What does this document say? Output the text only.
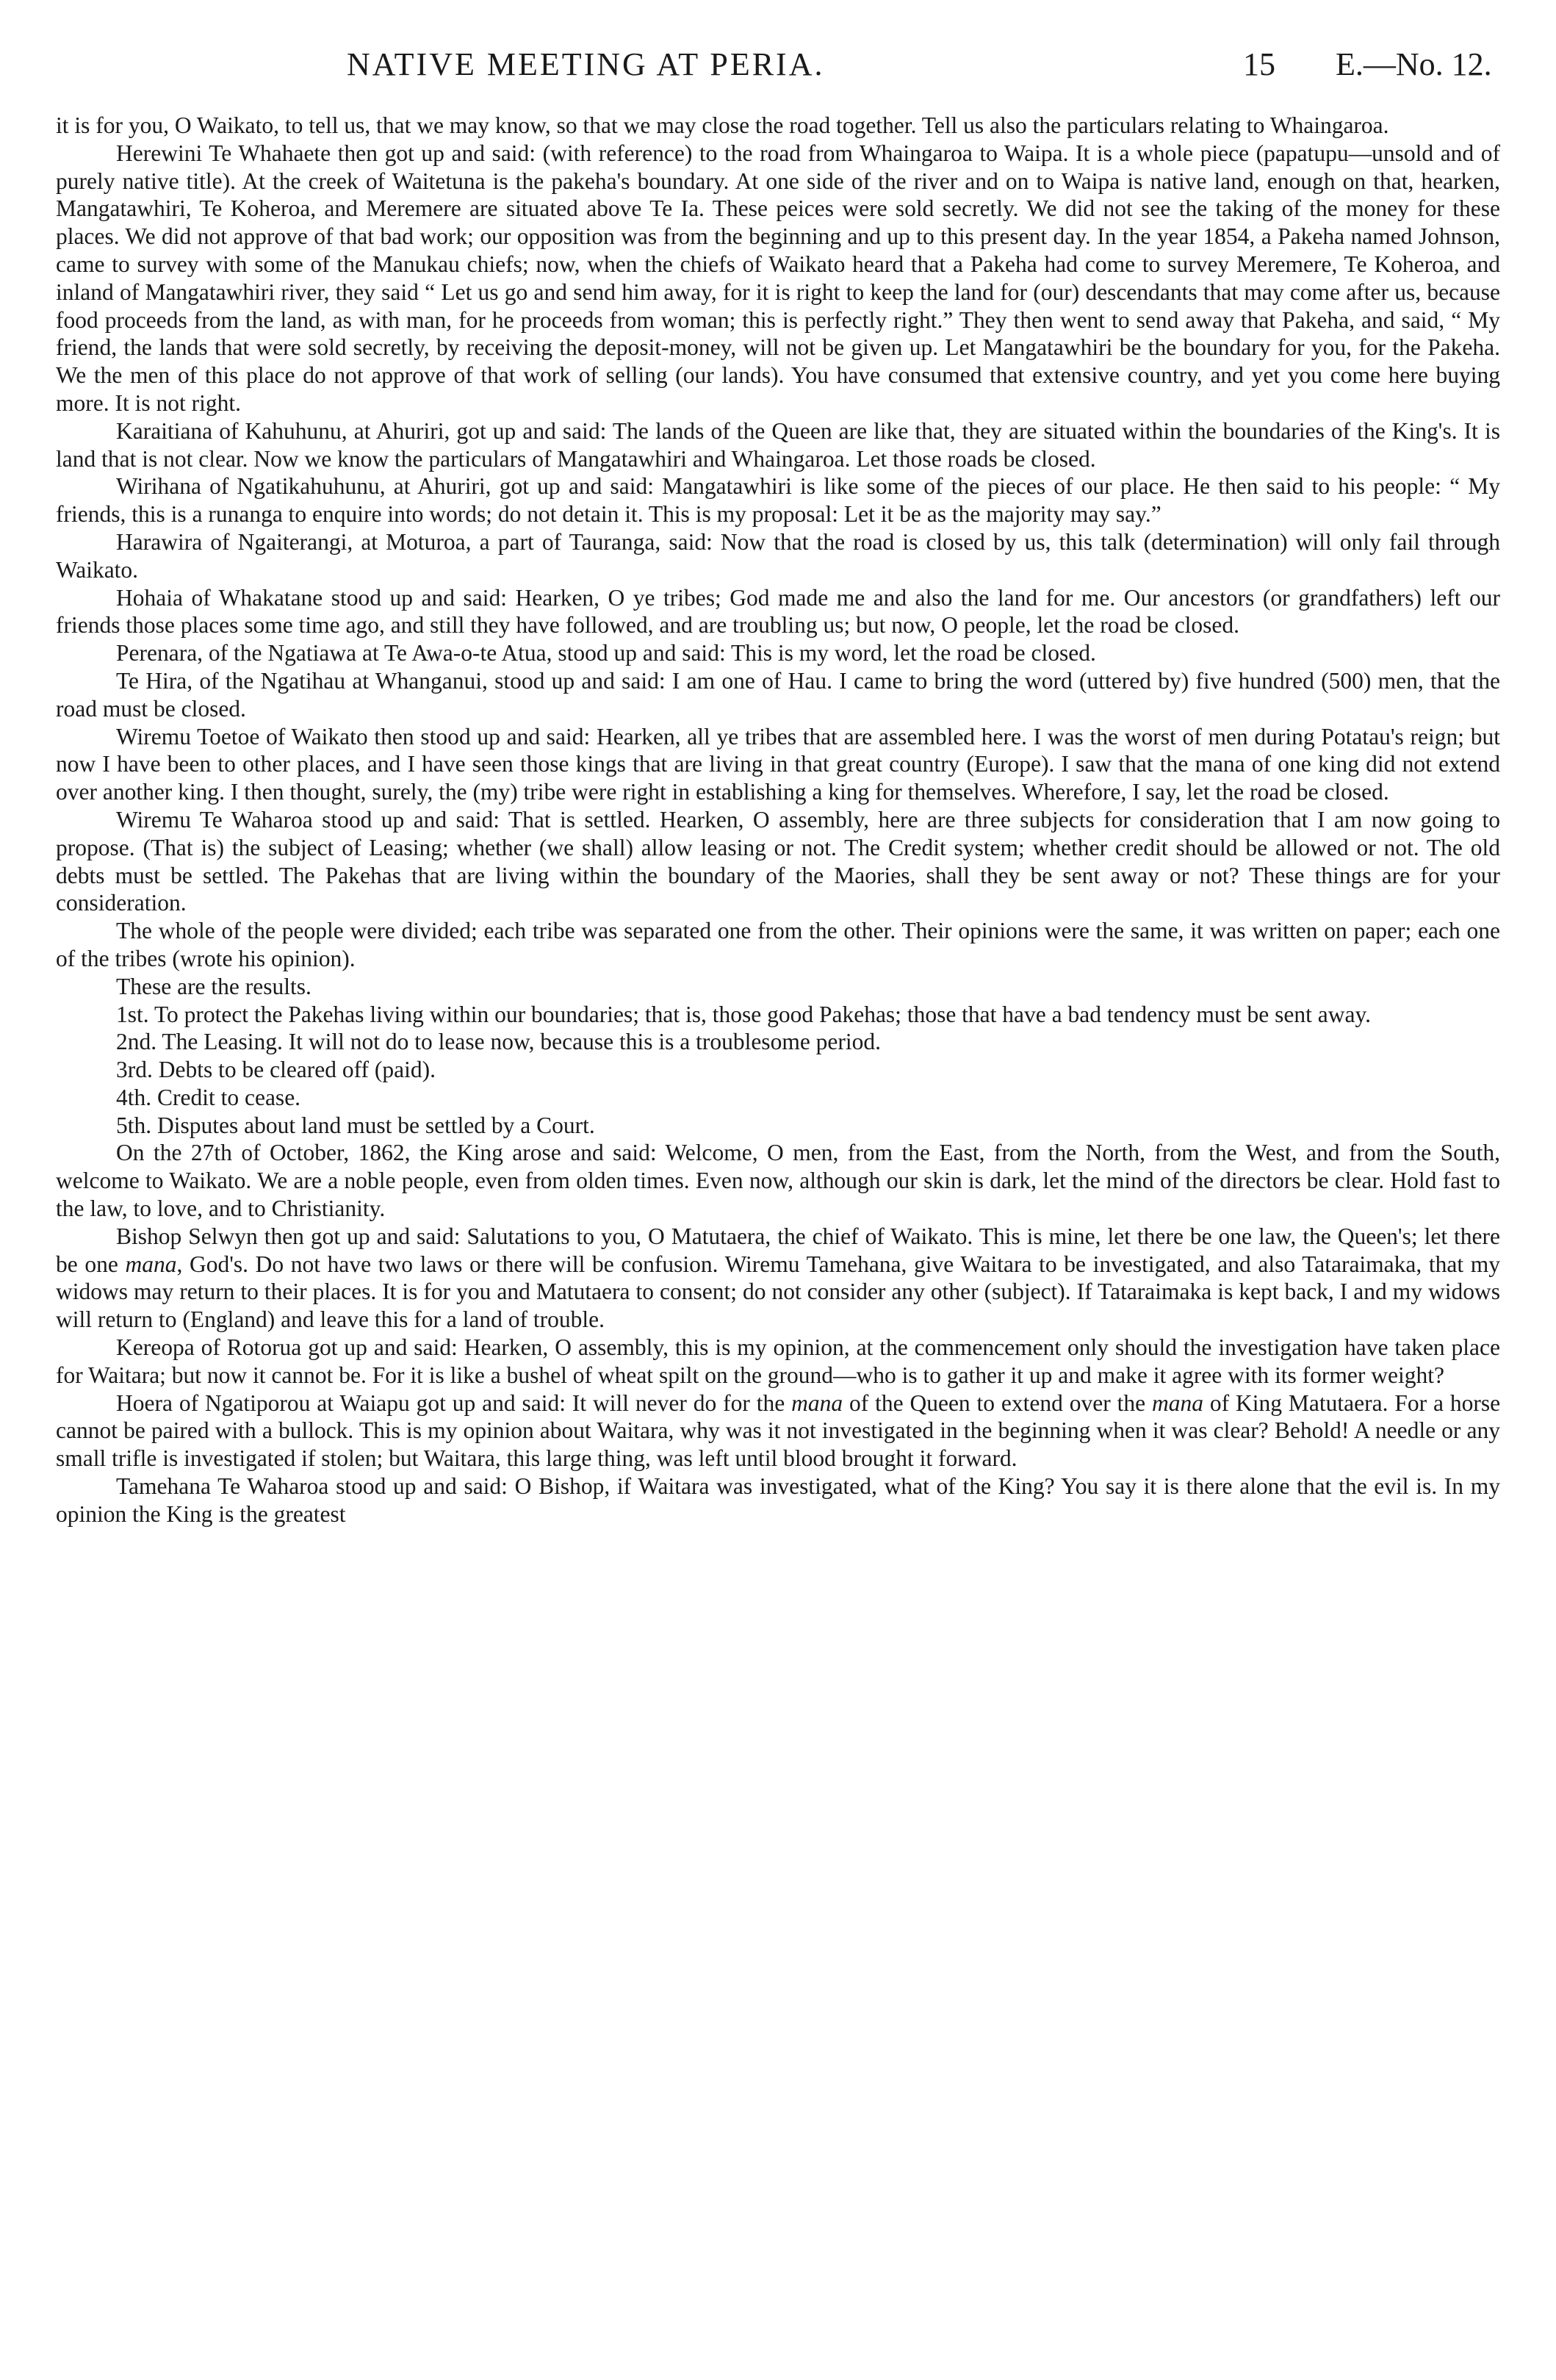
NATIVE MEETING AT PERIA.	15 E.—No. 12.

it is for you, O Waikato, to tell us, that we may know, so that we may close the road together. Tell us also the particulars relating to Whaingaroa.

Herewini Te Whahaete then got up and said: (with reference) to the road from Whaingaroa to Waipa. It is a whole piece (papatupu—unsold and of purely native title). At the creek of Waitetuna is the pakeha's boundary. At one side of the river and on to Waipa is native land, enough on that, hearken, Mangatawhiri, Te Koheroa, and Meremere are situated above Te Ia. These peices were sold secretly. We did not see the taking of the money for these places. We did not approve of that bad work; our opposition was from the beginning and up to this present day. In the year 1854, a Pakeha named Johnson, came to survey with some of the Manukau chiefs; now, when the chiefs of Waikato heard that a Pakeha had come to survey Meremere, Te Koheroa, and inland of Mangatawhiri river, they said “ Let us go and send him away, for it is right to keep the land for (our) descendants that may come after us, because food proceeds from the land, as with man, for he proceeds from woman; this is perfectly right.” They then went to send away that Pakeha, and said, “ My friend, the lands that were sold secretly, by receiving the deposit-money, will not be given up. Let Mangatawhiri be the boundary for you, for the Pakeha. We the men of this place do not approve of that work of selling (our lands). You have consumed that extensive country, and yet you come here buying more. It is not right.

Karaitiana of Kahuhunu, at Ahuriri, got up and said: The lands of the Queen are like that, they are situated within the boundaries of the King's. It is land that is not clear. Now we know the particulars of Mangatawhiri and Whaingaroa. Let those roads be closed.

Wirihana of Ngatikahuhunu, at Ahuriri, got up and said: Mangatawhiri is like some of the pieces of our place. He then said to his people: “ My friends, this is a runanga to enquire into words; do not detain it. This is my proposal: Let it be as the majority may say.”

Harawira of Ngaiterangi, at Moturoa, a part of Tauranga, said: Now that the road is closed by us, this talk (determination) will only fail through Waikato.

Hohaia of Whakatane stood up and said: Hearken, O ye tribes; God made me and also the land for me. Our ancestors (or grandfathers) left our friends those places some time ago, and still they have followed, and are troubling us; but now, O people, let the road be closed.

Perenara, of the Ngatiawa at Te Awa-o-te Atua, stood up and said: This is my word, let the road be closed.

Te Hira, of the Ngatihau at Whanganui, stood up and said: I am one of Hau. I came to bring the word (uttered by) five hundred (500) men, that the road must be closed.

Wiremu Toetoe of Waikato then stood up and said: Hearken, all ye tribes that are assembled here. I was the worst of men during Potatau's reign; but now I have been to other places, and I have seen those kings that are living in that great country (Europe). I saw that the mana of one king did not extend over another king. I then thought, surely, the (my) tribe were right in establishing a king for themselves. Wherefore, I say, let the road be closed.

Wiremu Te Waharoa stood up and said: That is settled. Hearken, O assembly, here are three subjects for consideration that I am now going to propose. (That is) the subject of Leasing; whether (we shall) allow leasing or not. The Credit system; whether credit should be allowed or not. The old debts must be settled. The Pakehas that are living within the boundary of the Maories, shall they be sent away or not? These things are for your consideration.

The whole of the people were divided; each tribe was separated one from the other. Their opinions were the same, it was written on paper; each one of the tribes (wrote his opinion).

These are the results.

1st. To protect the Pakehas living within our boundaries; that is, those good Pakehas; those that have a bad tendency must be sent away.

2nd. The Leasing. It will not do to lease now, because this is a troublesome period.

3rd. Debts to be cleared off (paid).

4th. Credit to cease.

5th. Disputes about land must be settled by a Court.

On the 27th of October, 1862, the King arose and said: Welcome, O men, from the East, from the North, from the West, and from the South, welcome to Waikato. We are a noble people, even from olden times. Even now, although our skin is dark, let the mind of the directors be clear. Hold fast to the law, to love, and to Christianity.

Bishop Selwyn then got up and said: Salutations to you, O Matutaera, the chief of Waikato. This is mine, let there be one law, the Queen's; let there be one mana, God's. Do not have two laws or there will be confusion. Wiremu Tamehana, give Waitara to be investigated, and also Tataraimaka, that my widows may return to their places. It is for you and Matutaera to consent; do not consider any other (subject). If Tataraimaka is kept back, I and my widows will return to (England) and leave this for a land of trouble.

Kereopa of Rotorua got up and said: Hearken, O assembly, this is my opinion, at the commencement only should the investigation have taken place for Waitara; but now it cannot be. For it is like a bushel of wheat spilt on the ground—who is to gather it up and make it agree with its former weight?

Hoera of Ngatiporou at Waiapu got up and said: It will never do for the mana of the Queen to extend over the mana of King Matutaera. For a horse cannot be paired with a bullock. This is my opinion about Waitara, why was it not investigated in the beginning when it was clear? Behold! A needle or any small trifle is investigated if stolen; but Waitara, this large thing, was left until blood brought it forward.

Tamehana Te Waharoa stood up and said: O Bishop, if Waitara was investigated, what of the King? You say it is there alone that the evil is. In my opinion the King is the greatest
